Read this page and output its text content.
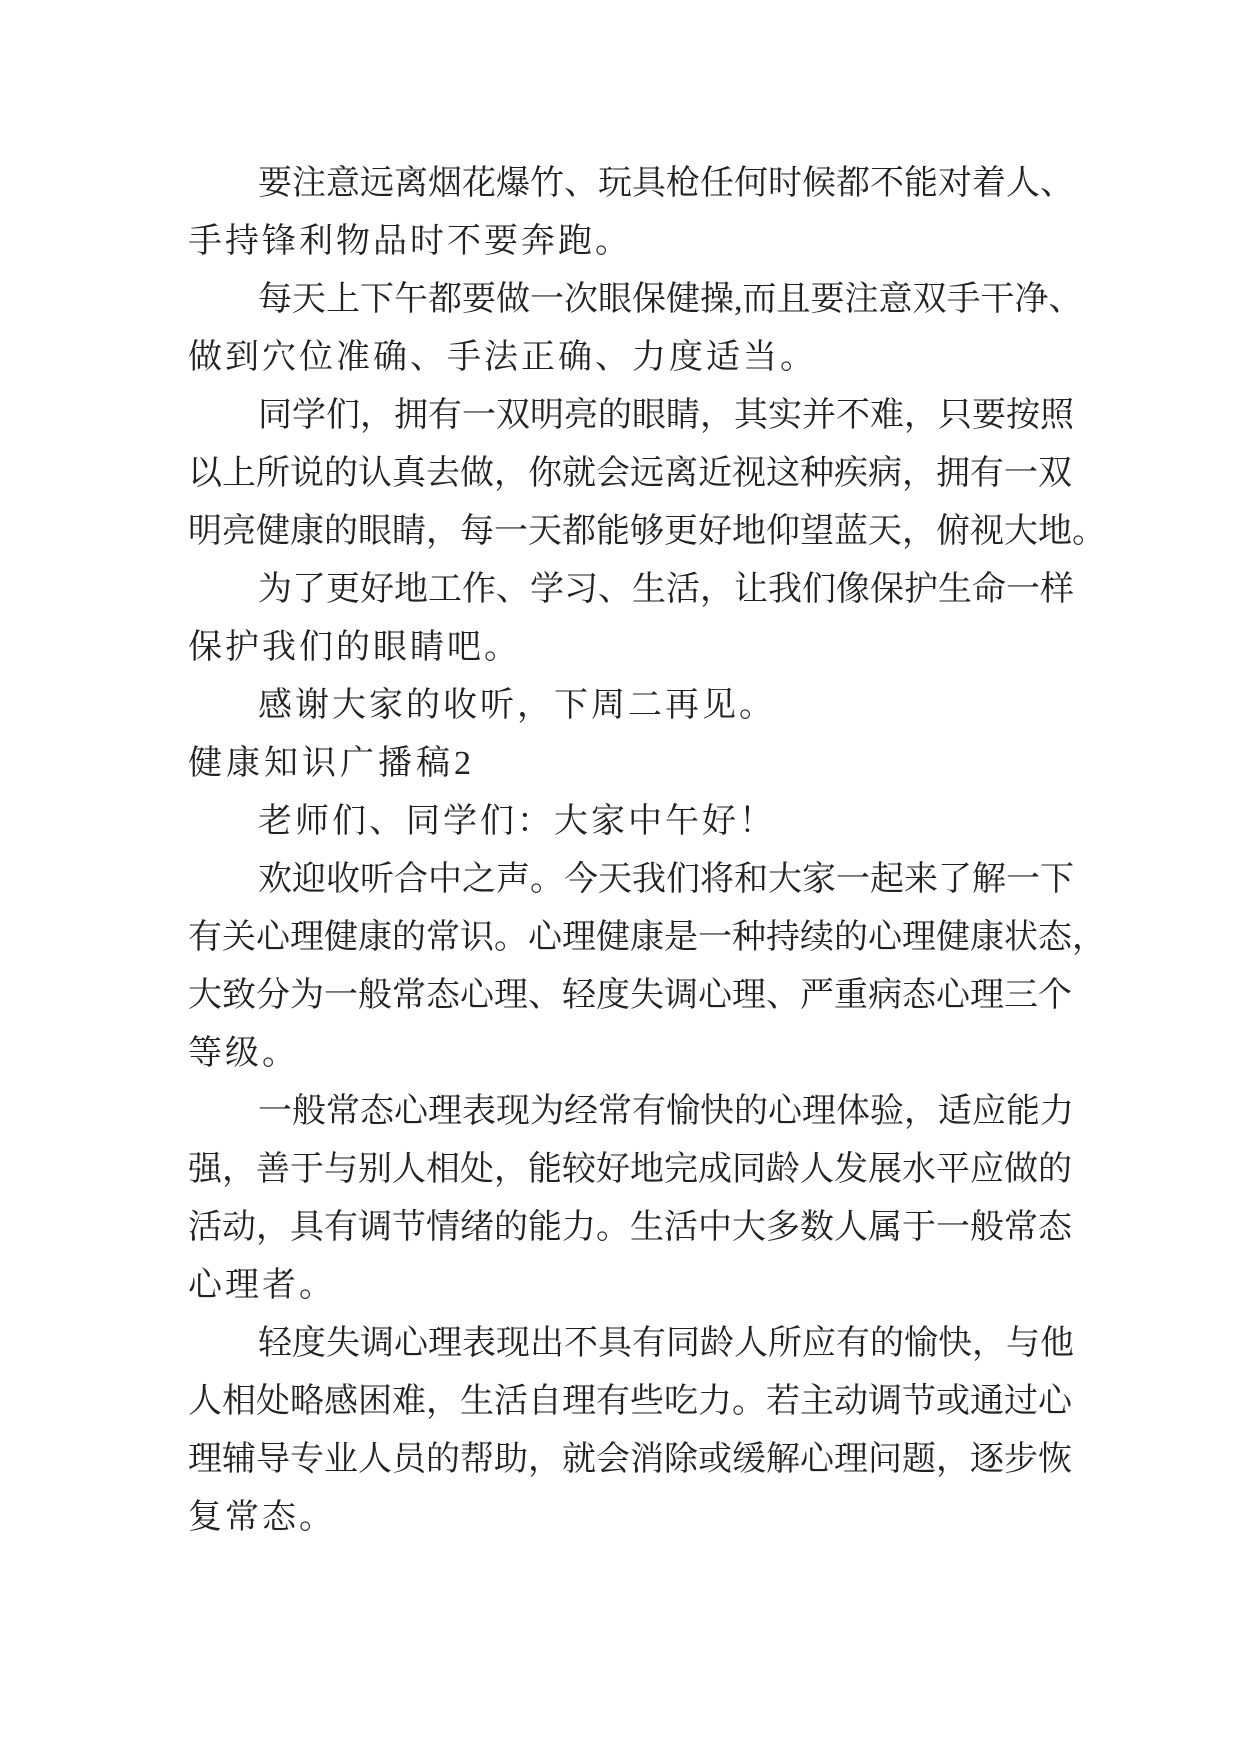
要 注 意 远 离 烟 花 爆 竹 、 玩 具 枪 任 何 时 候 都 不 能 对 着 人 、
手持锋利物品时不要奔跑。
每 天 上 下 午 都 要 做 一 次 眼 保 健 操 , 而 且 要 注 意 双 手 干 净 、
做到穴位准确、手法正确、力度适当。
同 学 们 ， 拥 有 一 双 明 亮 的 眼 睛 ， 其 实 并 不 难 ， 只 要 按 照
以 上 所 说 的 认 真 去 做 ， 你 就 会 远 离 近 视 这 种 疾 病 ， 拥 有 一 双
明 亮 健 康 的 眼 睛 ， 每 一 天 都 能 够 更 好 地 仰 望 蓝 天 ， 俯 视 大 地 。
为 了 更 好 地 工 作 、 学 习 、 生 活 ， 让 我 们 像 保 护 生 命 一 样
保护我们的眼睛吧。
感谢大家的收听，下周二再见。
健康知识广播稿2
老师们、同学们：大家中午好！
欢 迎 收 听 合 中 之 声 。 今 天 我 们 将 和 大 家 一 起 来 了 解 一 下
有 关 心 理 健 康 的 常 识 。 心 理 健 康 是 一 种 持 续 的 心 理 健 康 状 态 ，
大 致 分 为 一 般 常 态 心 理 、 轻 度 失 调 心 理 、 严 重 病 态 心 理 三 个
等级。
一 般 常 态 心 理 表 现 为 经 常 有 愉 快 的 心 理 体 验 ， 适 应 能 力
强 ， 善 于 与 别 人 相 处 ， 能 较 好 地 完 成 同 龄 人 发 展 水 平 应 做 的
活 动 ， 具 有 调 节 情 绪 的 能 力 。 生 活 中 大 多 数 人 属 于 一 般 常 态
心理者。
轻 度 失 调 心 理 表 现 出 不 具 有 同 龄 人 所 应 有 的 愉 快 ， 与 他
人 相 处 略 感 困 难 ， 生 活 自 理 有 些 吃 力 。 若 主 动 调 节 或 通 过 心
理 辅 导 专 业 人 员 的 帮 助 ， 就 会 消 除 或 缓 解 心 理 问 题 ， 逐 步 恢
复常态。
